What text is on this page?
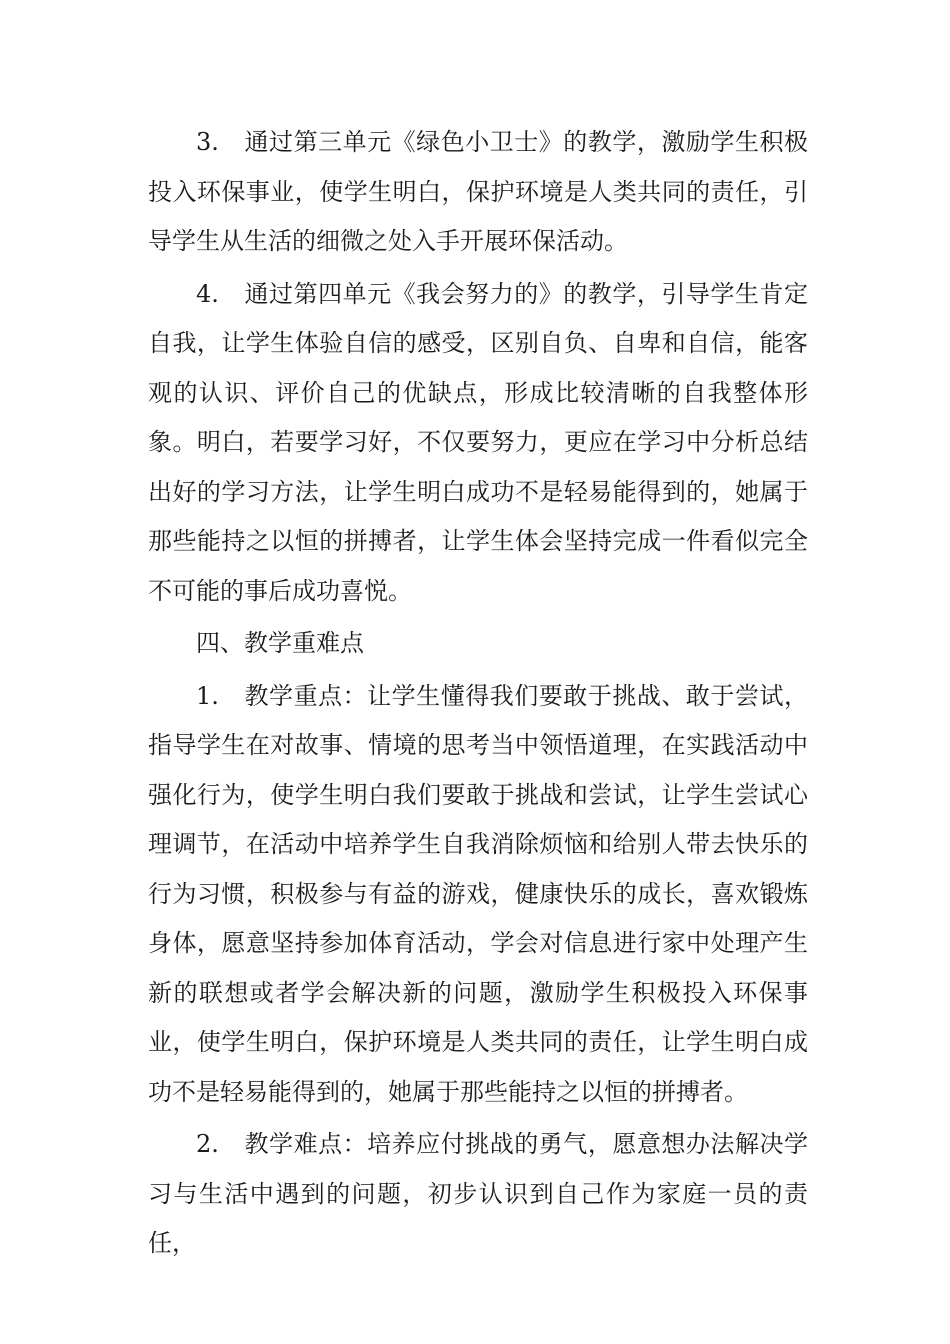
3. 通过第三单元《绿色小卫士》的教学，激励学生积极投入环保事业，使学生明白，保护环境是人类共同的责任，引导学生从生活的细微之处入手开展环保活动。

4. 通过第四单元《我会努力的》的教学，引导学生肯定自我，让学生体验自信的感受，区别自负、自卑和自信，能客观的认识、评价自己的优缺点，形成比较清晰的自我整体形象。明白，若要学习好，不仅要努力，更应在学习中分析总结出好的学习方法，让学生明白成功不是轻易能得到的，她属于那些能持之以恒的拼搏者，让学生体会坚持完成一件看似完全不可能的事后成功喜悦。

四、教学重难点

1. 教学重点：让学生懂得我们要敢于挑战、敢于尝试，指导学生在对故事、情境的思考当中领悟道理，在实践活动中强化行为，使学生明白我们要敢于挑战和尝试，让学生尝试心理调节，在活动中培养学生自我消除烦恼和给别人带去快乐的行为习惯，积极参与有益的游戏，健康快乐的成长，喜欢锻炼身体，愿意坚持参加体育活动，学会对信息进行家中处理产生新的联想或者学会解决新的问题，激励学生积极投入环保事业，使学生明白，保护环境是人类共同的责任，让学生明白成功不是轻易能得到的，她属于那些能持之以恒的拼搏者。

2. 教学难点：培养应付挑战的勇气，愿意想办法解决学习与生活中遇到的问题，初步认识到自己作为家庭一员的责任，
